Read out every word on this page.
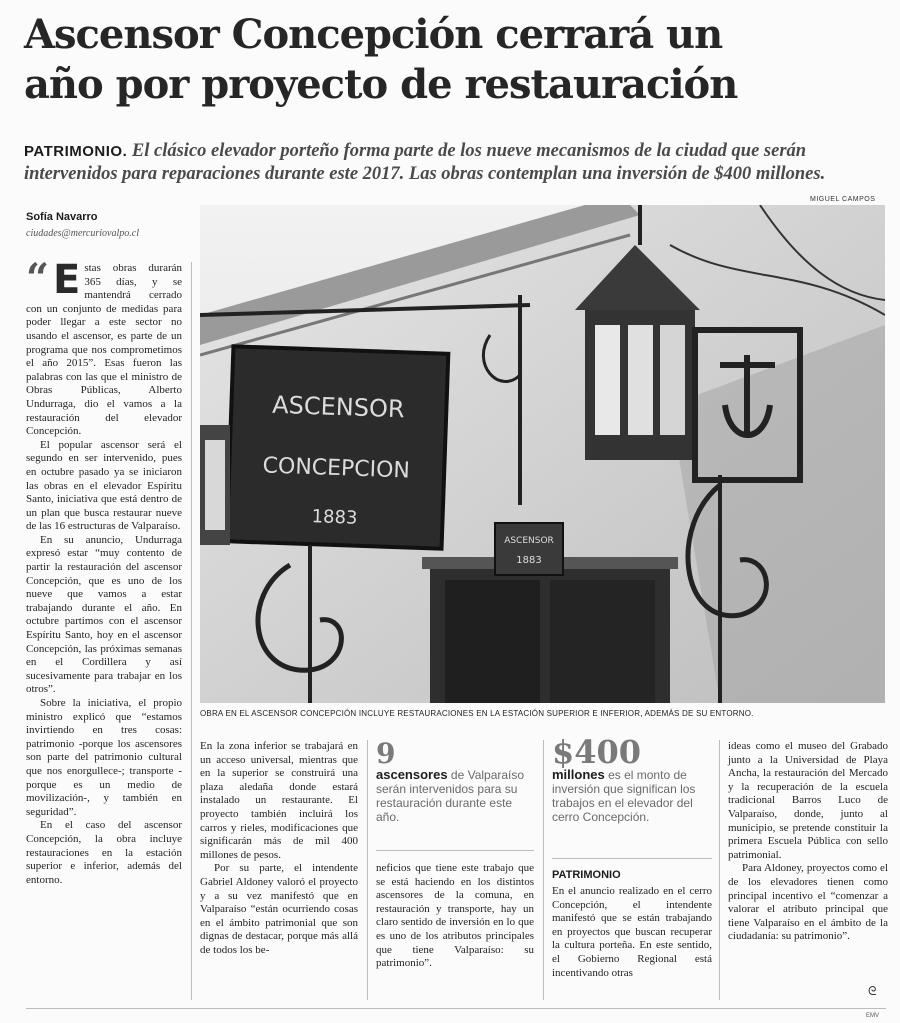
Ascensor Concepción cerrará un
año por proyecto de restauración

PATRIMONIO. El clásico elevador porteño forma parte de los nueve mecanismos de la ciudad que serán intervenidos para reparaciones durante este 2017. Las obras contemplan una inversión de $400 millones.

Sofía Navarro
ciudades@mercuriovalpo.cl
MIGUEL CAMPOS
ASCENSOR
CONCEPCION
1883
ASCENSOR
1883
OBRA EN EL ASCENSOR CONCEPCIÓN INCLUYE RESTAURACIONES EN LA ESTACIÓN SUPERIOR E INFERIOR, ADEMÁS DE SU ENTORNO.

“ E stas obras durarán 365 días, y se mantendrá cerrado con un conjunto de medidas para poder llegar a este sector no usando el ascensor, es parte de un programa que nos comprometimos el año 2015”. Esas fueron las palabras con las que el ministro de Obras Públicas, Alberto Undurraga, dio el vamos a la restauración del elevador Concepción.

El popular ascensor será el segundo en ser intervenido, pues en octubre pasado ya se iniciaron las obras en el elevador Espíritu Santo, iniciativa que está dentro de un plan que busca restaurar nueve de las 16 estructuras de Valparaíso.

En su anuncio, Undurraga expresó estar “muy contento de partir la restauración del ascensor Concepción, que es uno de los nueve que vamos a estar trabajando durante el año. En octubre partimos con el ascensor Espíritu Santo, hoy en el ascensor Concepción, las próximas semanas en el Cordillera y así sucesivamente para trabajar en los otros”.

Sobre la iniciativa, el propio ministro explicó que “estamos invirtiendo en tres cosas: patrimonio -porque los ascensores son parte del patrimonio cultural que nos enorgullece-; transporte -porque es un medio de movilización-, y también en seguridad”.

En el caso del ascensor Concepción, la obra incluye restauraciones en la estación superior e inferior, además del entorno.

En la zona inferior se trabajará en un acceso universal, mientras que en la superior se construirá una plaza aledaña donde estará instalado un restaurante. El proyecto también incluirá los carros y rieles, modificaciones que significarán más de mil 400 millones de pesos.

Por su parte, el intendente Gabriel Aldoney valoró el proyecto y a su vez manifestó que en Valparaíso “están ocurriendo cosas en el ámbito patrimonial que son dignas de destacar, porque más allá de todos los be-

9
ascensores de Valparaíso serán intervenidos para su restauración durante este año.

neficios que tiene este trabajo que se está haciendo en los distintos ascensores de la comuna, en restauración y transporte, hay un claro sentido de inversión en lo que es uno de los atributos principales que tiene Valparaíso: su patrimonio”.

$400
millones es el monto de inversión que significan los trabajos en el elevador del cerro Concepción.
PATRIMONIO

En el anuncio realizado en el cerro Concepción, el intendente manifestó que se están trabajando en proyectos que buscan recuperar la cultura porteña. En este sentido, el Gobierno Regional está incentivando otras

ideas como el museo del Grabado junto a la Universidad de Playa Ancha, la restauración del Mercado y la recuperación de la escuela tradicional Barros Luco de Valparaíso, donde, junto al municipio, se pretende constituir la primera Escuela Pública con sello patrimonial.

Para Aldoney, proyectos como el de los elevadores tienen como principal incentivo el “comenzar a valorar el atributo principal que tiene Valparaíso en el ámbito de la ciudadanía: su patrimonio”.

ᘓ
EMV
